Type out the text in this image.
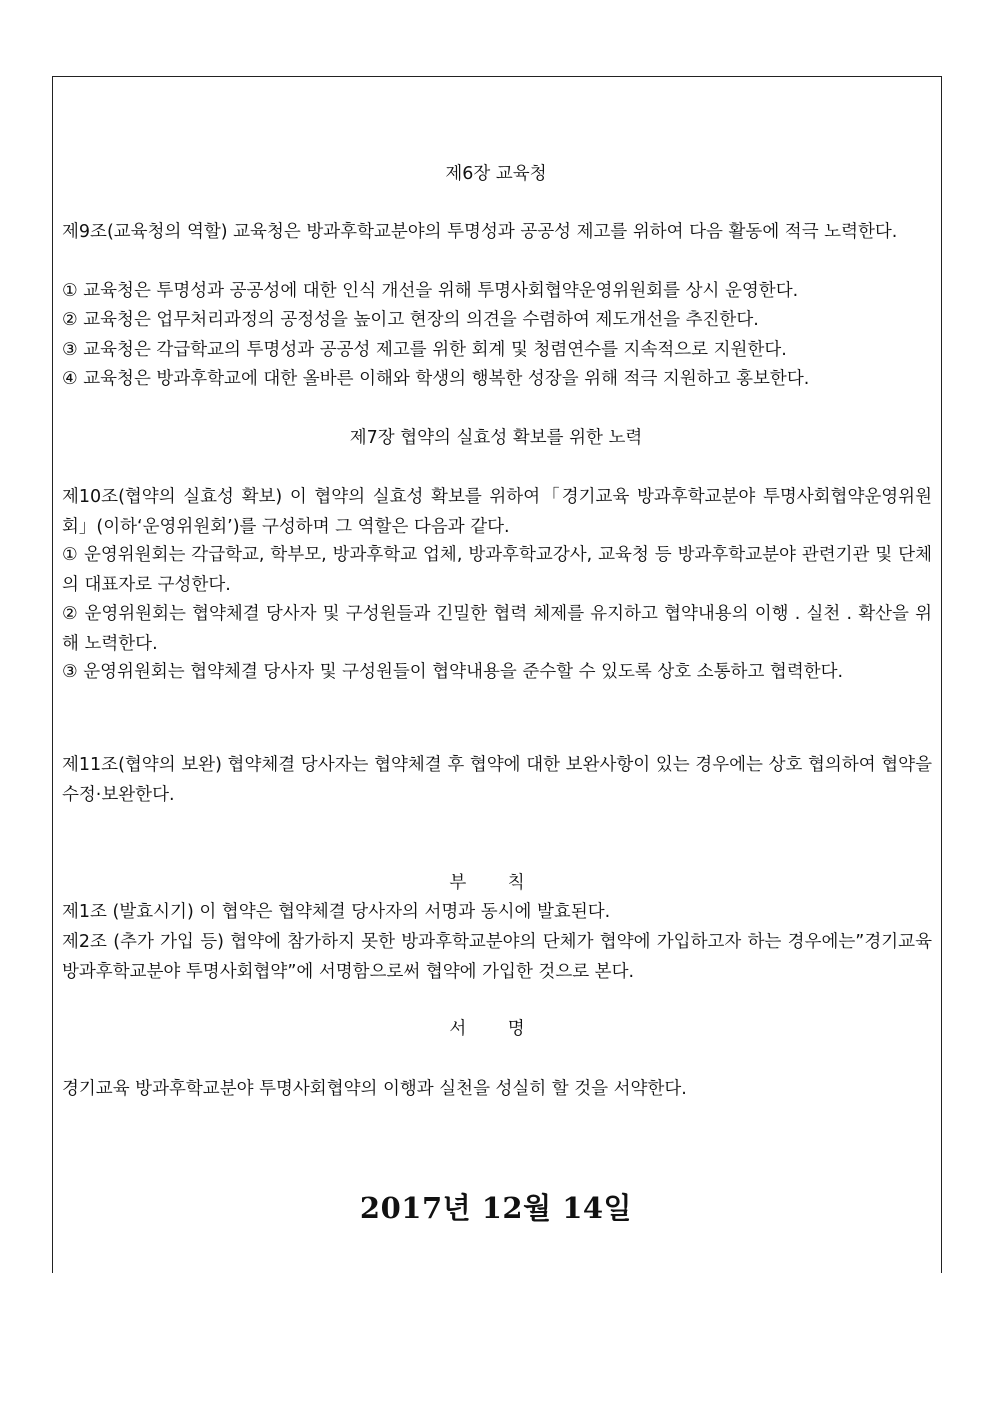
제6장 교육청

제9조(교육청의 역할) 교육청은 방과후학교분야의 투명성과 공공성 제고를 위하여 다음 활동에 적극 노력한다.

① 교육청은 투명성과 공공성에 대한 인식 개선을 위해 투명사회협약운영위원회를 상시 운영한다.

② 교육청은 업무처리과정의 공정성을 높이고 현장의 의견을 수렴하여 제도개선을 추진한다.

③ 교육청은 각급학교의 투명성과 공공성 제고를 위한 회계 및 청렴연수를 지속적으로 지원한다.

④ 교육청은 방과후학교에 대한 올바른 이해와 학생의 행복한 성장을 위해 적극 지원하고 홍보한다.

제7장 협약의 실효성 확보를 위한 노력

제10조(협약의 실효성 확보) 이 협약의 실효성 확보를 위하여「경기교육 방과후학교분야 투명사회협약운영위원회」(이하‘운영위원회’)를 구성하며 그 역할은 다음과 같다.

① 운영위원회는 각급학교, 학부모, 방과후학교 업체, 방과후학교강사, 교육청 등 방과후학교분야 관련기관 및 단체의 대표자로 구성한다.

② 운영위원회는 협약체결 당사자 및 구성원들과 긴밀한 협력 체제를 유지하고 협약내용의 이행 . 실천 . 확산을 위해 노력한다.

③ 운영위원회는 협약체결 당사자 및 구성원들이 협약내용을 준수할 수 있도록 상호 소통하고 협력한다.

제11조(협약의 보완) 협약체결 당사자는 협약체결 후 협약에 대한 보완사항이 있는 경우에는 상호 협의하여 협약을 수정·보완한다.

부 칙

제1조 (발효시기) 이 협약은 협약체결 당사자의 서명과 동시에 발효된다.

제2조 (추가 가입 등) 협약에 참가하지 못한 방과후학교분야의 단체가 협약에 가입하고자 하는 경우에는”경기교육 방과후학교분야 투명사회협약”에 서명함으로써 협약에 가입한 것으로 본다.

서 명

경기교육 방과후학교분야 투명사회협약의 이행과 실천을 성실히 할 것을 서약한다.

2017년 12월 14일
